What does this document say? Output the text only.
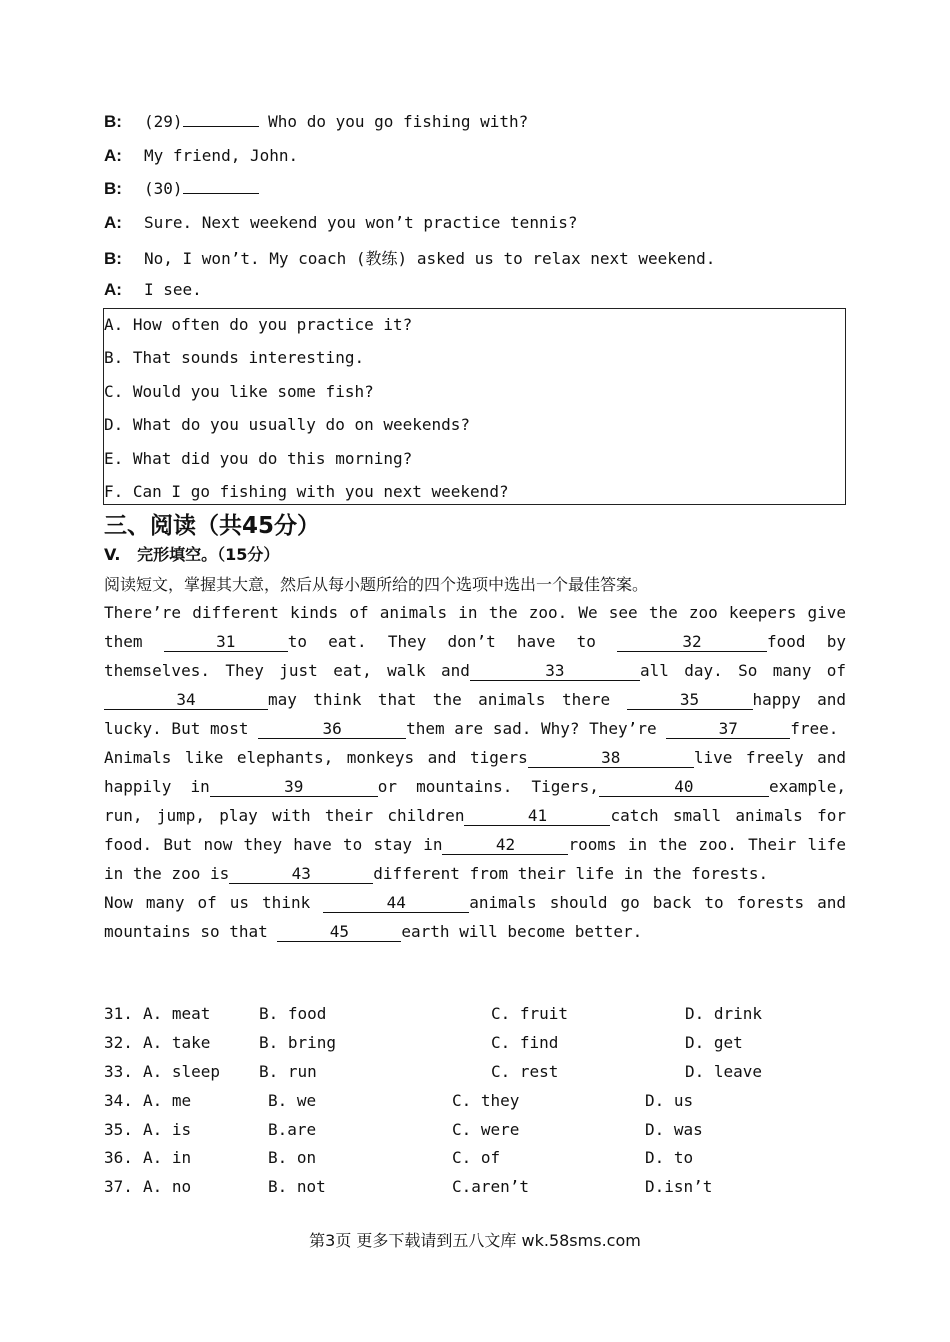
B: (29)	Who do you go fishing with?
A: My friend, John.
B: (30)
A: Sure. Next weekend you won’t practice tennis?
B: No, I won’t. My coach (教练) asked us to relax next weekend.
A: I see.
A. How often do you practice it?
B. That sounds interesting.
C. Would you like some fish?
D. What do you usually do on weekends?
E. What did you do this morning?
F. Can I go fishing with you next weekend?
三、阅读（共45分）
V.   完形填空。（15分）
阅读短文，掌握其大意，然后从每小题所给的四个选项中选出一个最佳答案。

There’re different kinds of animals in the zoo. We see the zoo keepers give them	31	to eat. They don’t have to	32	food by themselves. They just eat, walk and	33	all day. So many of34	may think that the animals there	35	happy and lucky. But most	36	them are sad. Why? They’re	37	free.

Animals like elephants, monkeys and tigers	38	live freely and happily in	39	or mountains. Tigers,	40	example, run, jump, play with their children	41	catch small animals for food. But now they have to stay in	42	rooms in the zoo. Their life in the zoo is	43	different from their life in the forests.

Now many of us think	44	animals should go back to forests and mountains so that	45	earth will become better.

31. A. meat	B. food	C. fruit	D. drink
32. A. take	B. bring	C. find	D. get
33. A. sleep B. run	C. rest	D. leave
34. A. me	B. we	C. they	D. us
35. A. is	B.are	C. were	D. was
36. A. in	B. on	C. of	D. to
37. A. no	B. not	C.aren’t	D.isn’t
第3页 更多下载请到五八文库 wk.58sms.com
